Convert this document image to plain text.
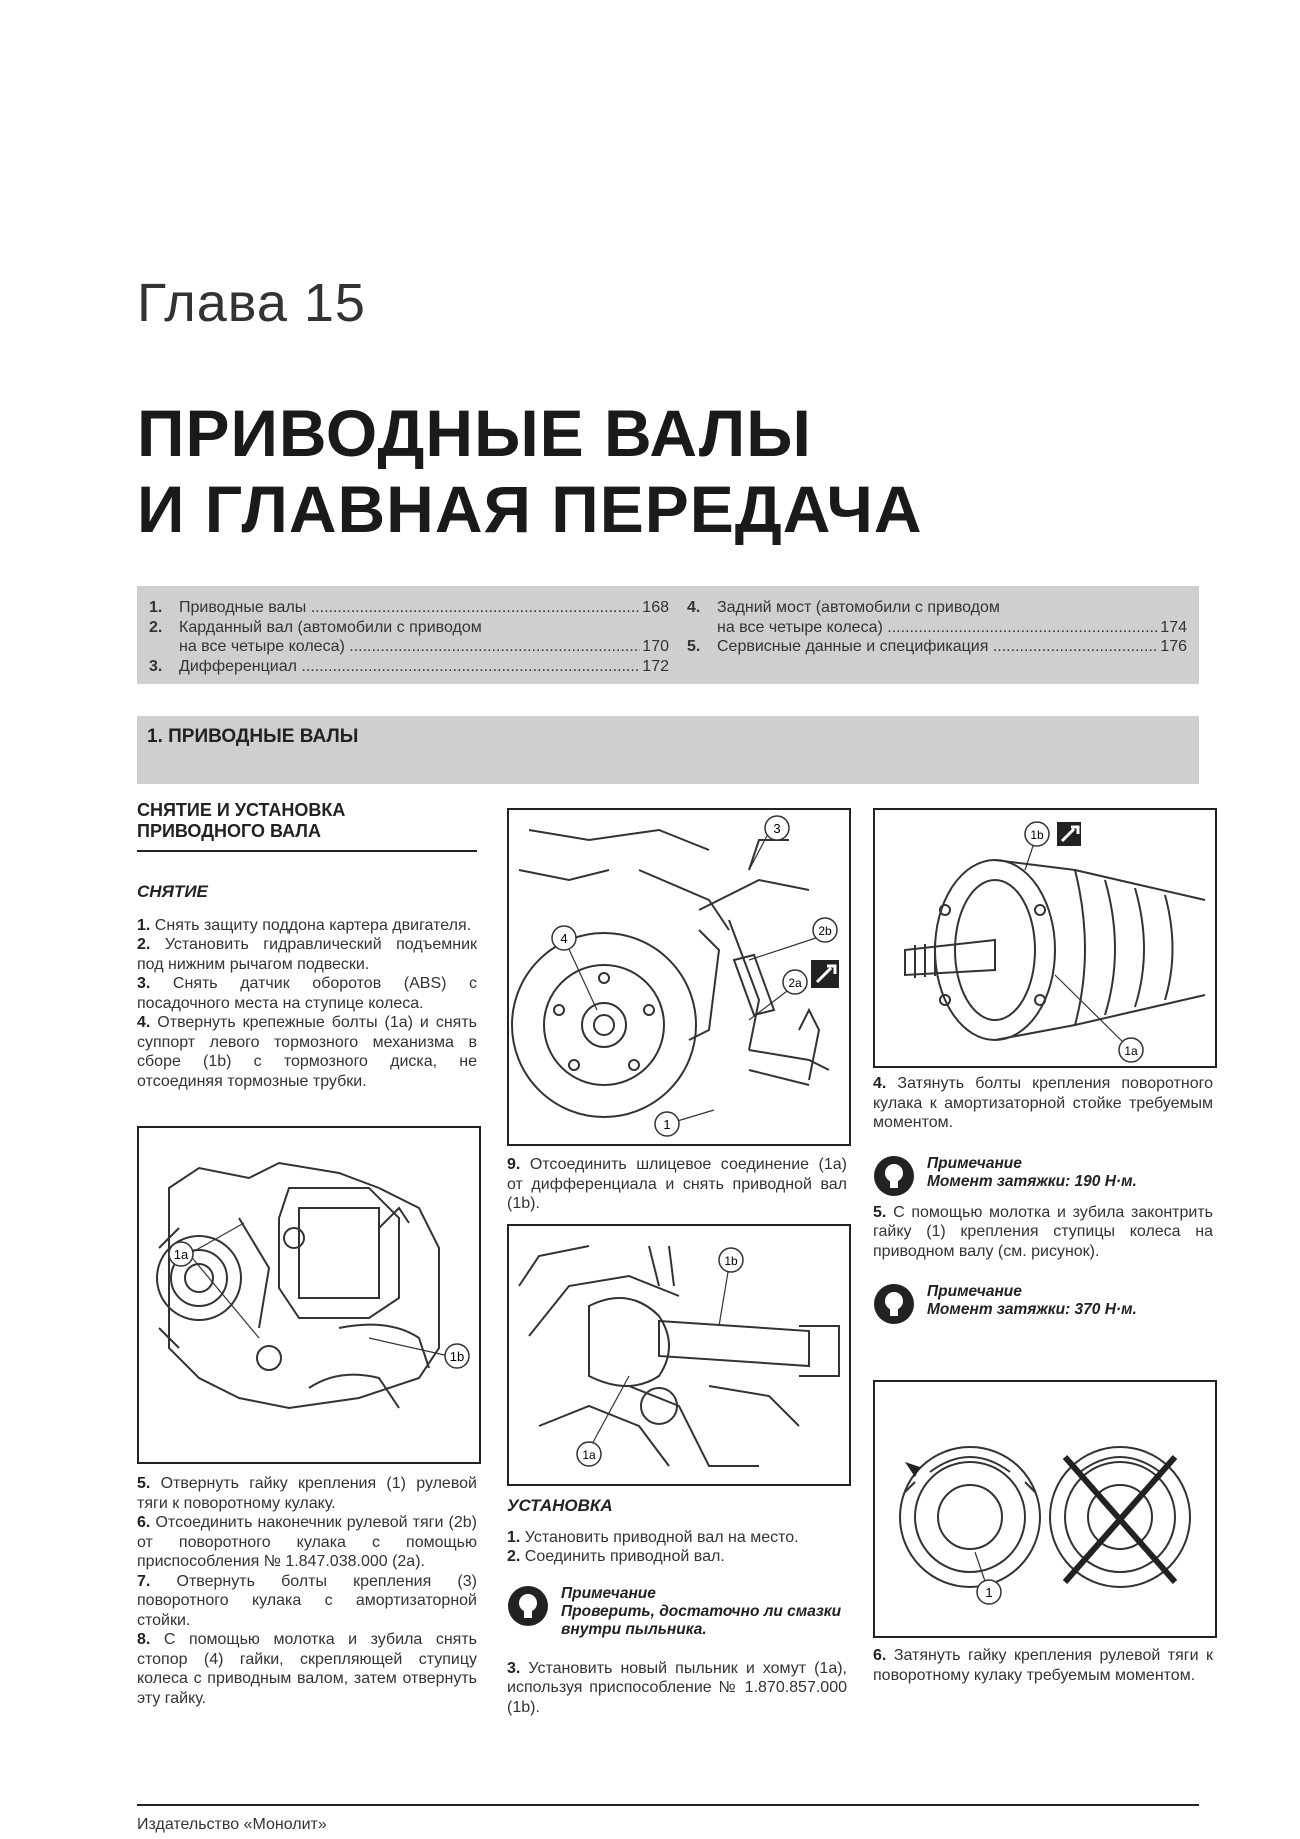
Глава 15
ПРИВОДНЫЕ ВАЛЫ
И ГЛАВНАЯ ПЕРЕДАЧА
1.	Приводные валы .....	168
2.	Карданный вал (автомобили с приводом
на все четыре колеса) .....	170
3.	Дифференциал .....	172
4.	Задний мост (автомобили с приводом
на все четыре колеса) .....	174
5.	Сервисные данные и спецификация .....	176
1. ПРИВОДНЫЕ ВАЛЫ
СНЯТИЕ И УСТАНОВКА
ПРИВОДНОГО ВАЛА
СНЯТИЕ

1. Снять защиту поддона картера двигателя.

2. Установить гидравлический подъемник под нижним рычагом подвески.

3. Снять датчик оборотов (ABS) с посадочного места на ступице колеса.

4. Отвернуть крепежные болты (1a) и снять суппорт левого тормозного механизма в сборе (1b) с тормозного диска, не отсоединяя тормозные трубки.

1a
1b

5. Отвернуть гайку крепления (1) рулевой тяги к поворотному кулаку.

6. Отсоединить наконечник рулевой тяги (2b) от поворотного кулака с помощью приспособления № 1.847.038.000 (2a).

7. Отвернуть болты крепления (3) поворотного кулака с амортизаторной стойки.

8. С помощью молотка и зубила снять стопор (4) гайки, скрепляющей ступицу колеса с приводным валом, затем отвернуть эту гайку.

3
4	2b
2a
1

9. Отсоединить шлицевое соединение (1a) от дифференциала и снять приводной вал (1b).

1b
1a
УСТАНОВКА

1. Установить приводной вал на место.

2. Соединить приводной вал.

Примечание
Проверить, достаточно ли смазки внутри пыльника.

3. Установить новый пыльник и хомут (1a), используя приспособление № 1.870.857.000 (1b).

1b
1a

4. Затянуть болты крепления поворотного кулака к амортизаторной стойке требуемым моментом.

Примечание
Момент затяжки: 190 Н·м.

5. С помощью молотка и зубила законтрить гайку (1) крепления ступицы колеса на приводном валу (см. рисунок).

Примечание
Момент затяжки: 370 Н·м.
1

6. Затянуть гайку крепления рулевой тяги к поворотному кулаку требуемым моментом.

Издательство «Монолит»
